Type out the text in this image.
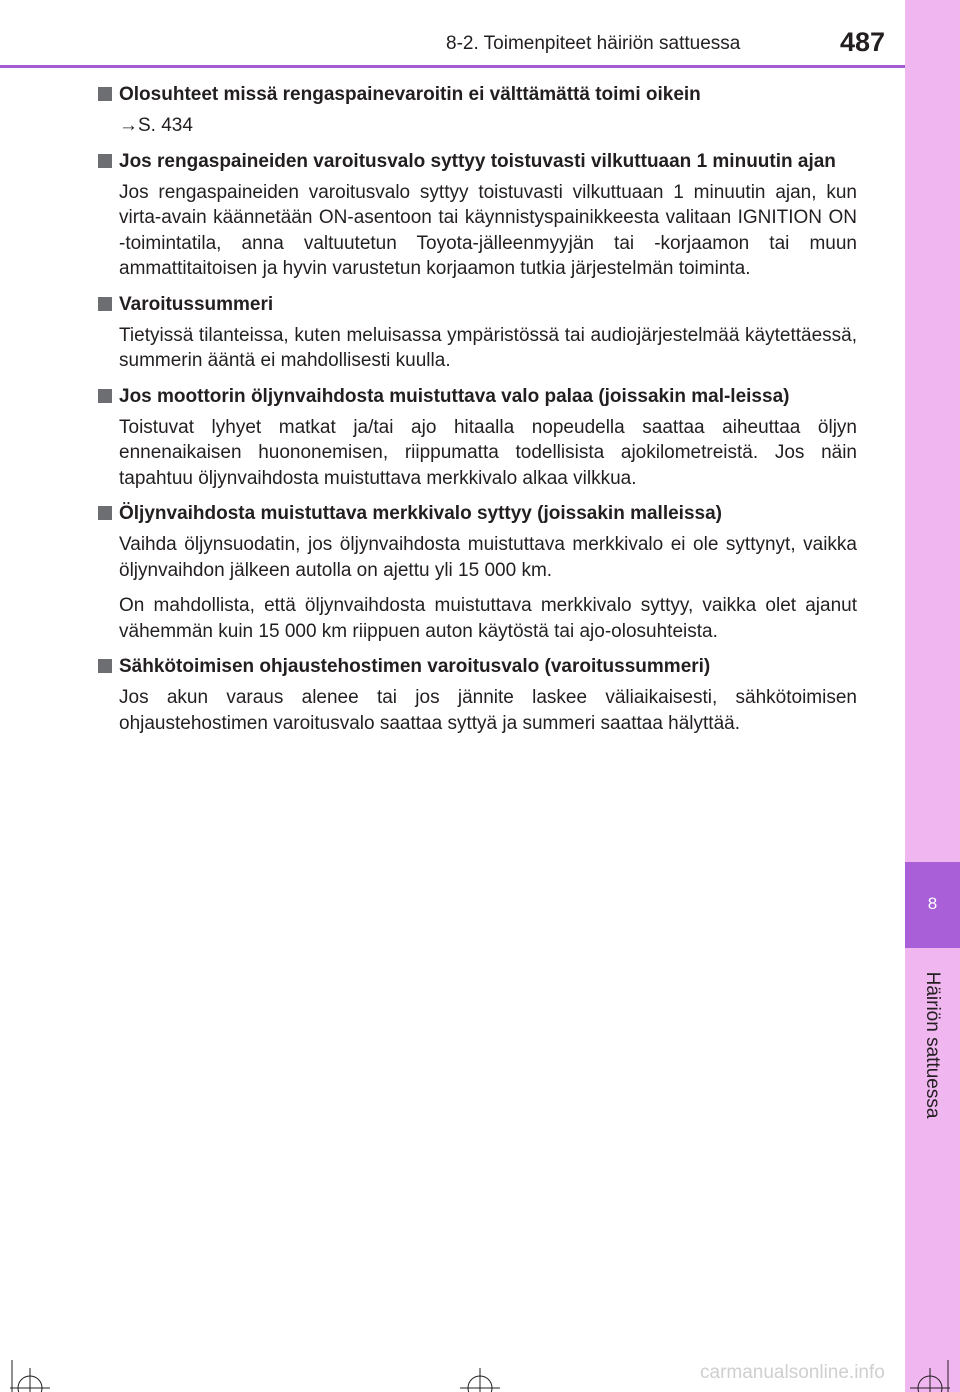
8
Häiriön sattuessa
8-2. Toimenpiteet häiriön sattuessa	487
Olosuhteet missä rengaspainevaroitin ei välttämättä toimi oikein

→S. 434

Jos rengaspaineiden varoitusvalo syttyy toistuvasti vilkuttuaan 1 minuutin ajan

Jos rengaspaineiden varoitusvalo syttyy toistuvasti vilkuttuaan 1 minuutin ajan, kun virta-avain käännetään ON-asentoon tai käynnistyspainikkeesta valitaan IGNITION ON -toimintatila, anna valtuutetun Toyota-jälleenmyyjän tai -korjaamon tai muun ammattitaitoisen ja hyvin varustetun korjaamon tutkia järjestelmän toiminta.

Varoitussummeri

Tietyissä tilanteissa, kuten meluisassa ympäristössä tai audiojärjestelmää käytettäessä, summerin ääntä ei mahdollisesti kuulla.

Jos moottorin öljynvaihdosta muistuttava valo palaa (joissakin mal-leissa)

Toistuvat lyhyet matkat ja/tai ajo hitaalla nopeudella saattaa aiheuttaa öljyn ennenaikaisen huononemisen, riippumatta todellisista ajokilometreistä. Jos näin tapahtuu öljynvaihdosta muistuttava merkkivalo alkaa vilkkua.

Öljynvaihdosta muistuttava merkkivalo syttyy (joissakin malleissa)

Vaihda öljynsuodatin, jos öljynvaihdosta muistuttava merkkivalo ei ole syttynyt, vaikka öljynvaihdon jälkeen autolla on ajettu yli 15 000 km.

On mahdollista, että öljynvaihdosta muistuttava merkkivalo syttyy, vaikka olet ajanut vähemmän kuin 15 000 km riippuen auton käytöstä tai ajo-olosuhteista.

Sähkötoimisen ohjaustehostimen varoitusvalo (varoitussummeri)

Jos akun varaus alenee tai jos jännite laskee väliaikaisesti, sähkötoimisen ohjaustehostimen varoitusvalo saattaa syttyä ja summeri saattaa hälyttää.

carmanualsonline.info
